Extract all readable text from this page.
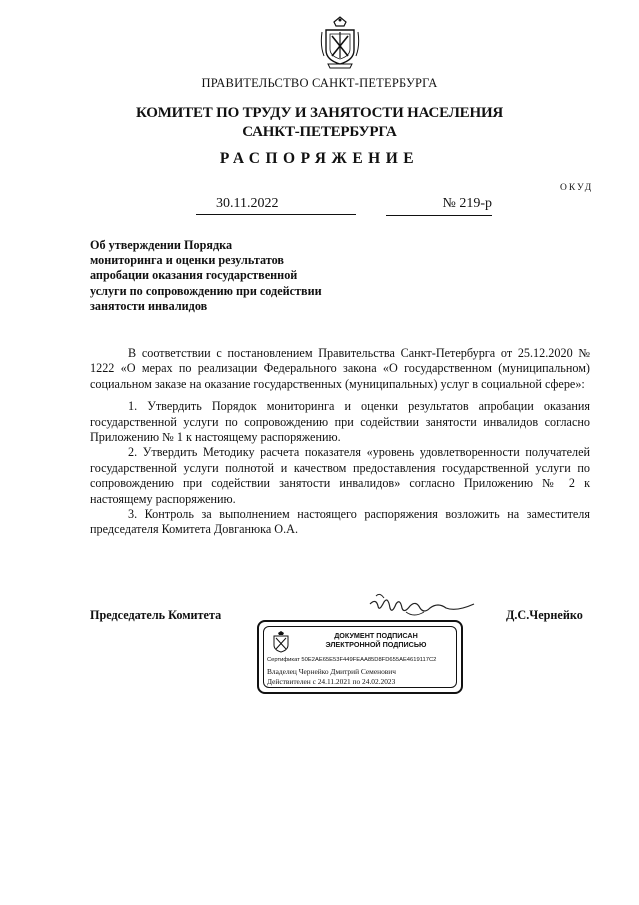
ПРАВИТЕЛЬСТВО САНКТ-ПЕТЕРБУРГА
КОМИТЕТ ПО ТРУДУ И ЗАНЯТОСТИ НАСЕЛЕНИЯ
САНКТ-ПЕТЕРБУРГА
РАСПОРЯЖЕНИЕ
ОКУД
30.11.2022	№ 219-р
Об утверждении Порядка
мониторинга и оценки результатов
апробации оказания государственной
услуги по сопровождению при содействии
занятости инвалидов

В соответствии с постановлением Правительства Санкт-Петербурга от 25.12.2020 № 1222 «О мерах по реализации Федерального закона «О государственном (муниципальном) социальном заказе на оказание государственных (муниципальных) услуг в социальной сфере»:

1. Утвердить Порядок мониторинга и оценки результатов апробации оказания государственной услуги по сопровождению при содействии занятости инвалидов согласно Приложению № 1 к настоящему распоряжению.

2. Утвердить Методику расчета показателя «уровень удовлетворенности получателей государственной услуги полнотой и качеством предоставления государственной услуги по сопровождению при содействии занятости инвалидов» согласно Приложению № 2 к настоящему распоряжению.

3. Контроль за выполнением настоящего распоряжения возложить на заместителя председателя Комитета Довганюка О.А.

Председатель Комитета	Д.С.Чернейко
ДОКУМЕНТ ПОДПИСАН
ЭЛЕКТРОННОЙ ПОДПИСЬЮ
Сертификат 50E2AE65E53F449FEAA85D8FD655AE4619117C2
Владелец Чернейко Дмитрий Семенович
Действителен с 24.11.2021 по 24.02.2023
